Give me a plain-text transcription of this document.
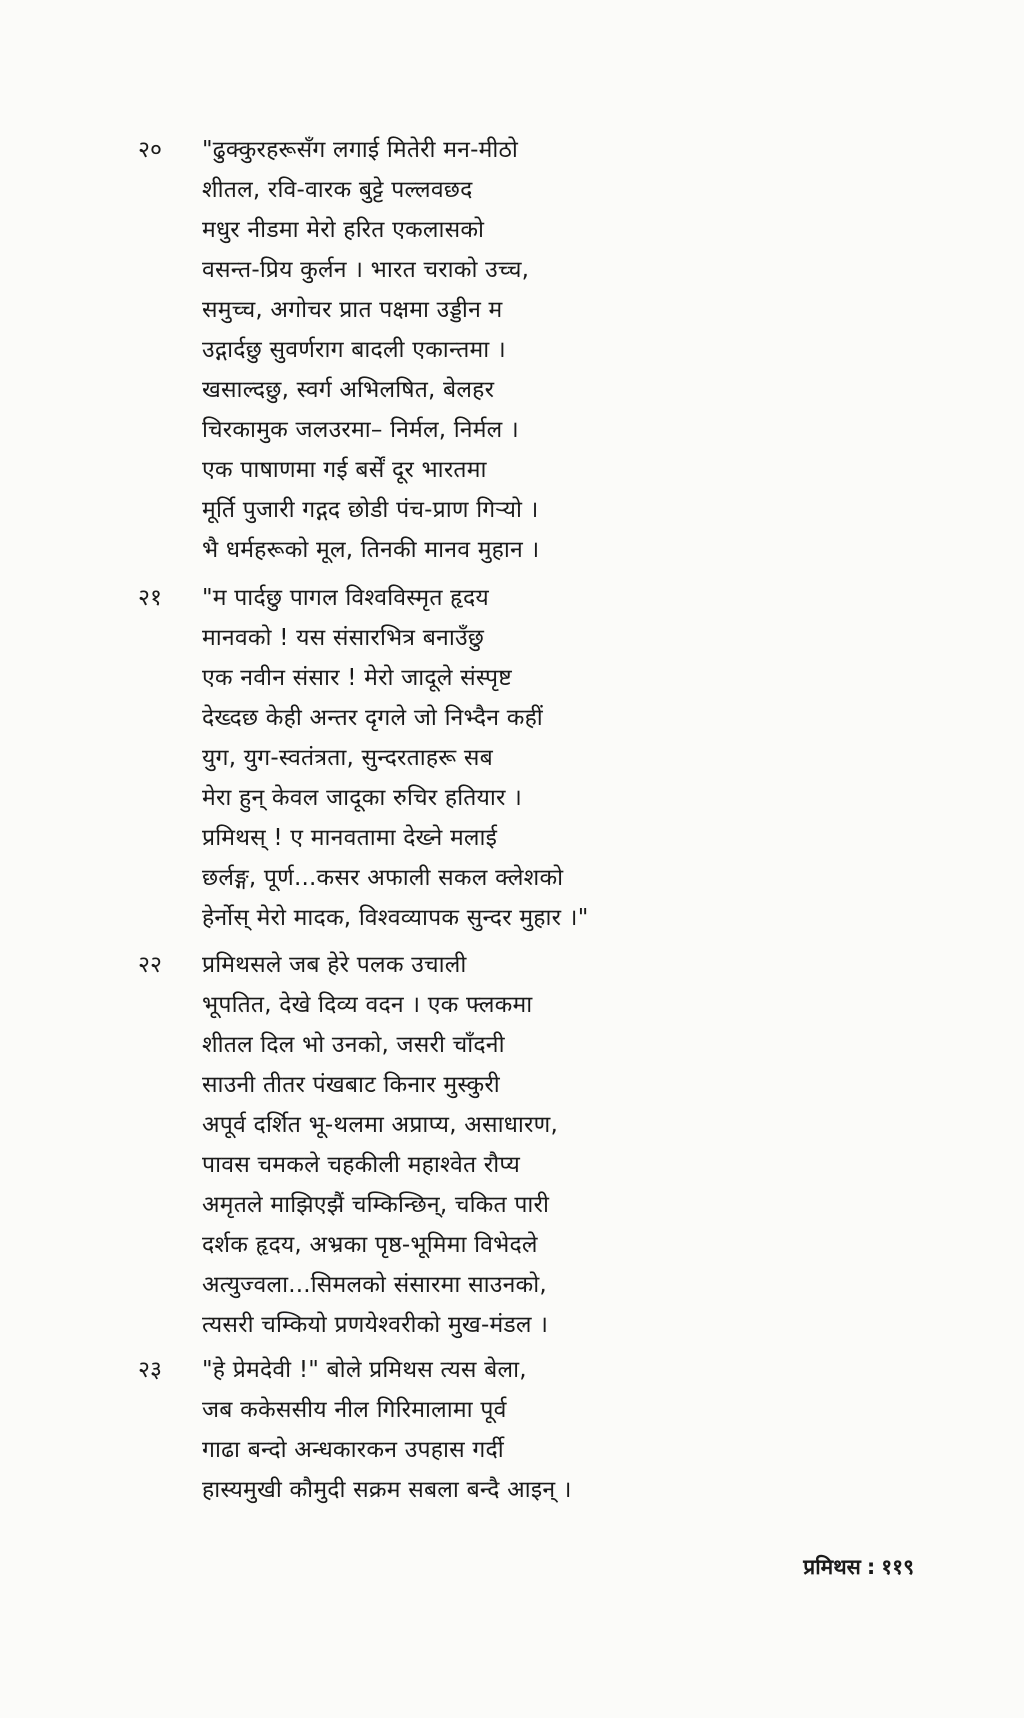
२०	"ढुक्कुरहरूसँग लगाई मितेरी मन-मीठो
शीतल, रवि-वारक बुट्टे पल्लवछद
मधुर नीडमा मेरो हरित एकलासको
वसन्त-प्रिय कुर्लन । भारत चराको उच्च,
समुच्च, अगोचर प्रात पक्षमा उड्डीन म
उद्गार्दछु सुवर्णराग बादली एकान्तमा ।
खसाल्दछु, स्वर्ग अभिलषित, बेलहर
चिरकामुक जलउरमा– निर्मल, निर्मल ।
एक पाषाणमा गई बर्सें दूर भारतमा
मूर्ति पुजारी गद्गद छोडी पंच-प्राण गिऱ्यो ।
भै धर्महरूको मूल, तिनकी मानव मुहान ।
२१	"म पार्दछु पागल विश्वविस्मृत हृदय
मानवको ! यस संसारभित्र बनाउँछु
एक नवीन संसार ! मेरो जादूले संस्पृष्ट
देख्दछ केही अन्तर दृगले जो निभ्दैन कहीं
युग, युग-स्वतंत्रता, सुन्दरताहरू सब
मेरा हुन् केवल जादूका रुचिर हतियार ।
प्रमिथस् ! ए मानवतामा देख्ने मलाई
छर्लङ्ग, पूर्ण...कसर अफाली सकल क्लेशको
हेर्नोस् मेरो मादक, विश्वव्यापक सुन्दर मुहार ।"
२२	प्रमिथसले जब हेरे पलक उचाली
भूपतित, देखे दिव्य वदन । एक फ्लकमा
शीतल दिल भो उनको, जसरी चाँदनी
साउनी तीतर पंखबाट किनार मुस्कुरी
अपूर्व दर्शित भू-थलमा अप्राप्य, असाधारण,
पावस चमकले चहकीली महाश्वेत रौप्य
अमृतले माझिएझैं चम्किन्छिन्, चकित पारी
दर्शक हृदय, अभ्रका पृष्ठ-भूमिमा विभेदले
अत्युज्वला...सिमलको संसारमा साउनको,
त्यसरी चम्कियो प्रणयेश्वरीको मुख-मंडल ।
२३	"हे प्रेमदेवी !" बोले प्रमिथस त्यस बेला,
जब ककेससीय नील गिरिमालामा पूर्व
गाढा बन्दो अन्धकारकन उपहास गर्दी
हास्यमुखी कौमुदी सक्रम सबला बन्दै आइन् ।
प्रमिथस : ११९
